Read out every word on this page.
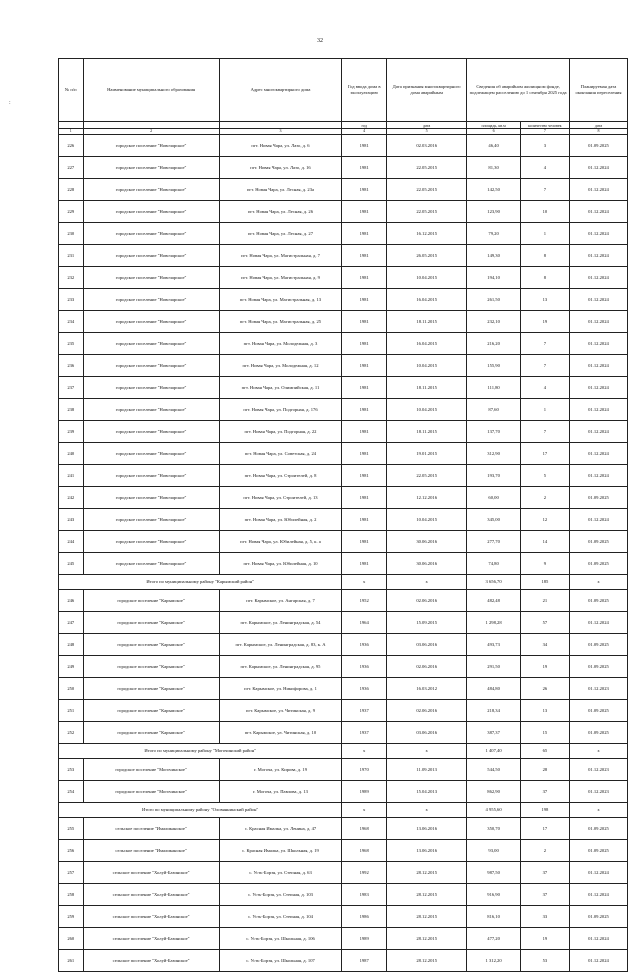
32
:
№ п/п	Наименование муниципального образования	Адрес многоквартирного дома	Год ввода дома в эксплуатацию	Дата признания многоквартирного дома аварийным	Сведения об аварийном жилищном фонде, подлежащем расселению до 1 сентября 2025 года		Планируемая дата окончания переселения
			год	дата	площадь, кв.м	количество человек	дата
1	2	3	4	5	6	7	8
226	городское поселение "Новочарское"	пгт. Новая Чара, ул. Лазо, д. 6	1981	02.03.2016	46,40	3	01.09.2025
227	городское поселение "Новочарское"	пгт. Новая Чара, ул. Лазо, д. 16	1981	22.05.2015	81,30	4	01.12.2024
228	городское поселение "Новочарское"	пгт. Новая Чара, ул. Лесная, д. 23а	1981	22.05.2015	142,50	7	01.12.2024
229	городское поселение "Новочарское"	пгт. Новая Чара, ул. Лесная, д. 26	1981	22.05.2015	123,90	10	01.12.2024
230	городское поселение "Новочарское"	пгт. Новая Чара, ул. Лесная, д. 27	1981	16.12.2015	79,20	1	01.12.2024
231	городское поселение "Новочарское"	пгт. Новая Чара, ул. Магистральная, д. 7	1981	26.05.2015	149,30	8	01.12.2024
232	городское поселение "Новочарское"	пгт. Новая Чара, ул. Магистральная, д. 9	1981	10.04.2015	194,10	8	01.12.2024
233	городское поселение "Новочарское"	пгт. Новая Чара, ул. Магистральная, д. 13	1981	16.04.2015	261,50	13	01.12.2024
234	городское поселение "Новочарское"	пгт. Новая Чара, ул. Магистральная, д. 25	1981	18.11.2015	232,10	19	01.12.2024
235	городское поселение "Новочарское"	пгт. Новая Чара, ул. Молодежная, д. 3	1981	16.04.2015	216,20	7	01.12.2024
236	городское поселение "Новочарское"	пгт. Новая Чара, ул. Молодежная, д. 12	1981	10.04.2015	155,90	7	01.12.2024
237	городское поселение "Новочарское"	пгт. Новая Чара, ул. Олимпийская, д. 11	1981	18.11.2015	111,80	4	01.12.2024
238	городское поселение "Новочарское"	пгт. Новая Чара, ул. Подгорная, д. 176	1981	10.04.2015	87,60	1	01.12.2024
239	городское поселение "Новочарское"	пгт. Новая Чара, ул. Подгорная, д. 22	1981	18.11.2015	137,70	7	01.12.2024
240	городское поселение "Новочарское"	пгт. Новая Чара, ул. Советская, д. 24	1981	19.01.2015	312,90	17	01.12.2024
241	городское поселение "Новочарское"	пгт. Новая Чара, ул. Строителей, д. 8	1981	22.05.2015	193,70	5	01.12.2024
242	городское поселение "Новочарское"	пгт. Новая Чара, ул. Строителей, д. 13	1981	12.12.2016	60,00	2	01.09.2025
243	городское поселение "Новочарское"	пгт. Новая Чара, ул. Юбилейная, д. 2	1981	10.04.2015	345,00	12	01.12.2024
244	городское поселение "Новочарское"	пгт. Новая Чара, ул. Юбилейная, д. 5, к. а	1981	30.06.2016	277,70	14	01.09.2025
245	городское поселение "Новочарское"	пгт. Новая Чара, ул. Юбилейная, д. 10	1981	30.06.2016	74,80	9	01.09.2025
Итого по муниципальному району "Карымский район"			x	x	3 656,70	185	x
246	городское поселение "Карымское"	пгт. Карымское, ул. Ангарская, д. 7	1952	02.06.2016	482,48	21	01.09.2025
247	городское поселение "Карымское"	пгт. Карымское, ул. Ленинградская, д. 54	1964	15.09.2015	1 298,28	57	01.12.2024
248	городское поселение "Карымское"	пгт. Карымское, ул. Ленинградская, д. 83, к. А	1936	03.06.2016	493,73	34	01.09.2025
249	городское поселение "Карымское"	пгт. Карымское, ул. Ленинградская, д. 95	1936	02.06.2016	291,50	19	01.09.2025
250	городское поселение "Карымское"	пгт. Карымское, ул. Никифорова, д. 1	1936	16.03.2012	484,80	26	01.12.2023
251	городское поселение "Карымское"	пгт. Карымское, ул. Читинская, д. 9	1937	02.06.2016	218,34	13	01.09.2025
252	городское поселение "Карымское"	пгт. Карымское, ул. Читинская, д. 10	1937	03.06.2016	387,37	15	01.09.2025
Итого по муниципальному району "Могочинский район"			x	x	1 407,40	65	x
253	городское поселение "Могочинское"	г. Могоча, ул. Кирова, д. 19	1970	11.09.2013	544,50	28	01.12.2023
254	городское поселение "Могочинское"	г. Могоча, ул. Павлова, д. 13	1989	15.04.2013	862,90	37	01.12.2023
Итого по муниципальному району "Оловяннинский район"			x	x	4 955,60	198	x
255	сельское поселение "Ималиканское"	с. Красная Ималка, ул. Ленина, д. 47	1968	13.06.2016	350,70	17	01.09.2025
256	сельское поселение "Ималиканское"	с. Красная Ималка, ул. Школьная, д. 19	1968	13.06.2016	93,00	2	01.09.2025
257	сельское поселение "Холуй-Базинское"	с. Усть-Борзя, ул. Степная, д. 63	1992	28.12.2015	987,50	37	01.12.2024
258	сельское поселение "Холуй-Базинское"	с. Усть-Борзя, ул. Степная, д. 103	1983	28.12.2015	916,90	37	01.12.2024
259	сельское поселение "Холуй-Базинское"	с. Усть-Борзя, ул. Степная, д. 104	1986	28.12.2015	816,10	33	01.09.2025
260	сельское поселение "Холуй-Базинское"	с. Усть-Борзя, ул. Школьная, д. 106	1989	28.12.2015	477,20	19	01.12.2024
261	сельское поселение "Холуй-Базинское"	с. Усть-Борзя, ул. Школьная, д. 107	1987	28.12.2015	1 312,20	53	01.12.2024
